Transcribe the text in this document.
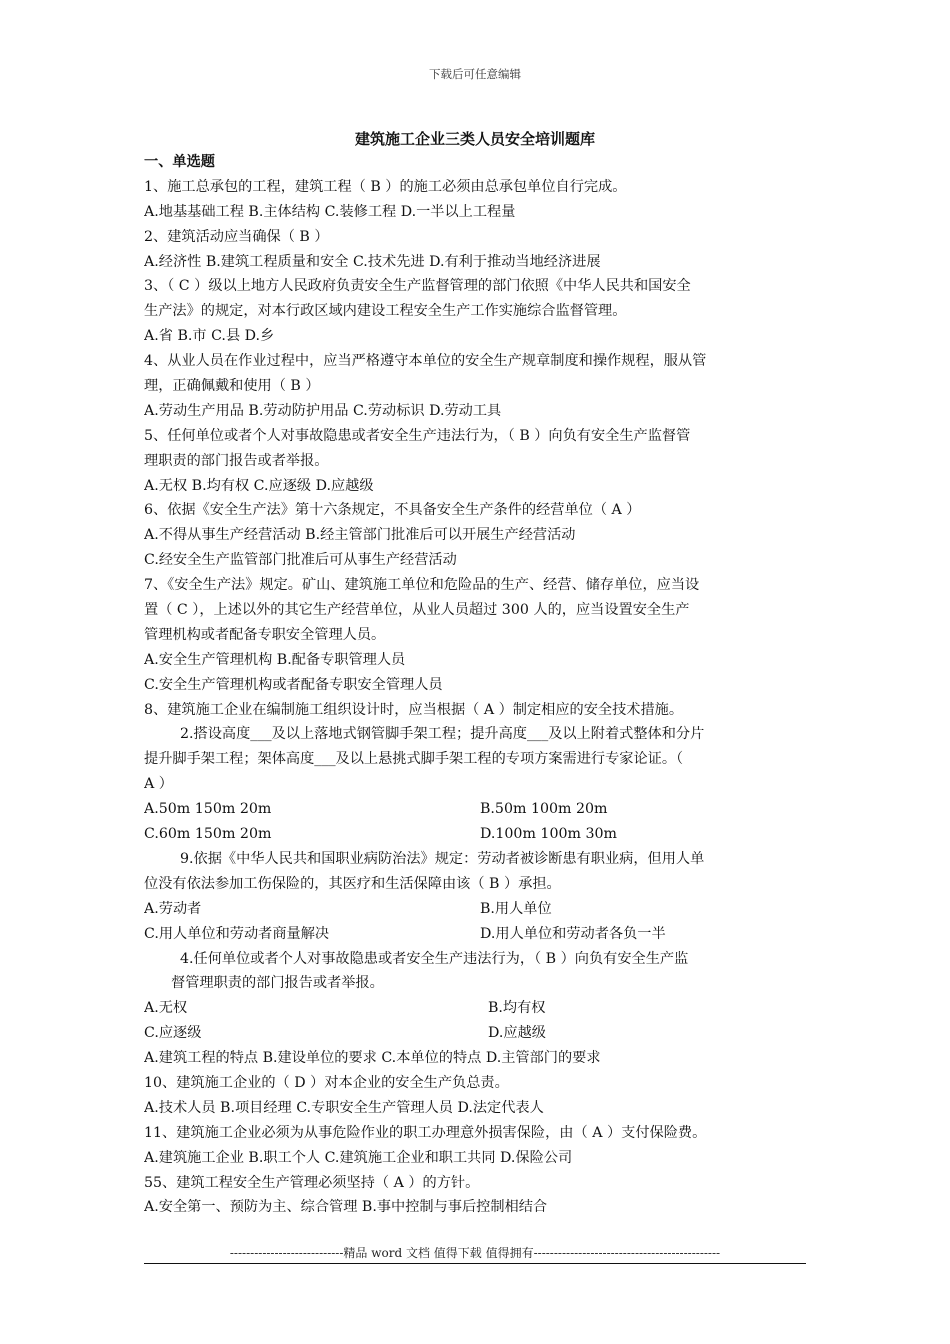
下载后可任意编辑
建筑施工企业三类人员安全培训题库
一、单选题
1、施工总承包的工程，建筑工程（ B ）的施工必须由总承包单位自行完成。
A.地基基础工程 B.主体结构 C.装修工程 D.一半以上工程量
2、建筑活动应当确保（ B ）
A.经济性 B.建筑工程质量和安全 C.技术先进 D.有利于推动当地经济进展
3、（ C ）级以上地方人民政府负责安全生产监督管理的部门依照《中华人民共和国安全
生产法》的规定，对本行政区域内建设工程安全生产工作实施综合监督管理。
A.省 B.市 C.县 D.乡
4、从业人员在作业过程中，应当严格遵守本单位的安全生产规章制度和操作规程，服从管
理，正确佩戴和使用（ B ）
A.劳动生产用品 B.劳动防护用品 C.劳动标识 D.劳动工具
5、任何单位或者个人对事故隐患或者安全生产违法行为，（ B ）向负有安全生产监督管
理职责的部门报告或者举报。
A.无权 B.均有权 C.应逐级 D.应越级
6、依据《安全生产法》第十六条规定，不具备安全生产条件的经营单位（ A ）
A.不得从事生产经营活动 B.经主管部门批准后可以开展生产经营活动
C.经安全生产监管部门批准后可从事生产经营活动
7、《安全生产法》规定。矿山、建筑施工单位和危险品的生产、经营、储存单位，应当设
置（ C ），上述以外的其它生产经营单位，从业人员超过 300 人的，应当设置安全生产
管理机构或者配备专职安全管理人员。
A.安全生产管理机构 B.配备专职管理人员
C.安全生产管理机构或者配备专职安全管理人员
8、建筑施工企业在编制施工组织设计时，应当根据（ A ）制定相应的安全技术措施。
2.搭设高度___及以上落地式钢管脚手架工程；提升高度___及以上附着式整体和分片
提升脚手架工程；架体高度___及以上悬挑式脚手架工程的专项方案需进行专家论证。（
A ）
A.50m 150m 20m	B.50m 100m 20m
C.60m 150m 20m	D.100m 100m 30m
9.依据《中华人民共和国职业病防治法》规定：劳动者被诊断患有职业病，但用人单
位没有依法参加工伤保险的，其医疗和生活保障由该（ B ）承担。
A.劳动者	B.用人单位
C.用人单位和劳动者商量解决	D.用人单位和劳动者各负一半
4.任何单位或者个人对事故隐患或者安全生产违法行为，（ B ）向负有安全生产监
督管理职责的部门报告或者举报。
A.无权	B.均有权
C.应逐级	D.应越级
A.建筑工程的特点 B.建设单位的要求 C.本单位的特点 D.主管部门的要求
10、建筑施工企业的（ D ）对本企业的安全生产负总责。
A.技术人员 B.项目经理 C.专职安全生产管理人员 D.法定代表人
11、建筑施工企业必须为从事危险作业的职工办理意外损害保险，由（ A ）支付保险费。
A.建筑施工企业 B.职工个人 C.建筑施工企业和职工共同 D.保险公司
55、建筑工程安全生产管理必须坚持（ A ）的方针。
A.安全第一、预防为主、综合管理 B.事中控制与事后控制相结合
----------------------------精品 word 文档 值得下载 值得拥有----------------------------------------------
